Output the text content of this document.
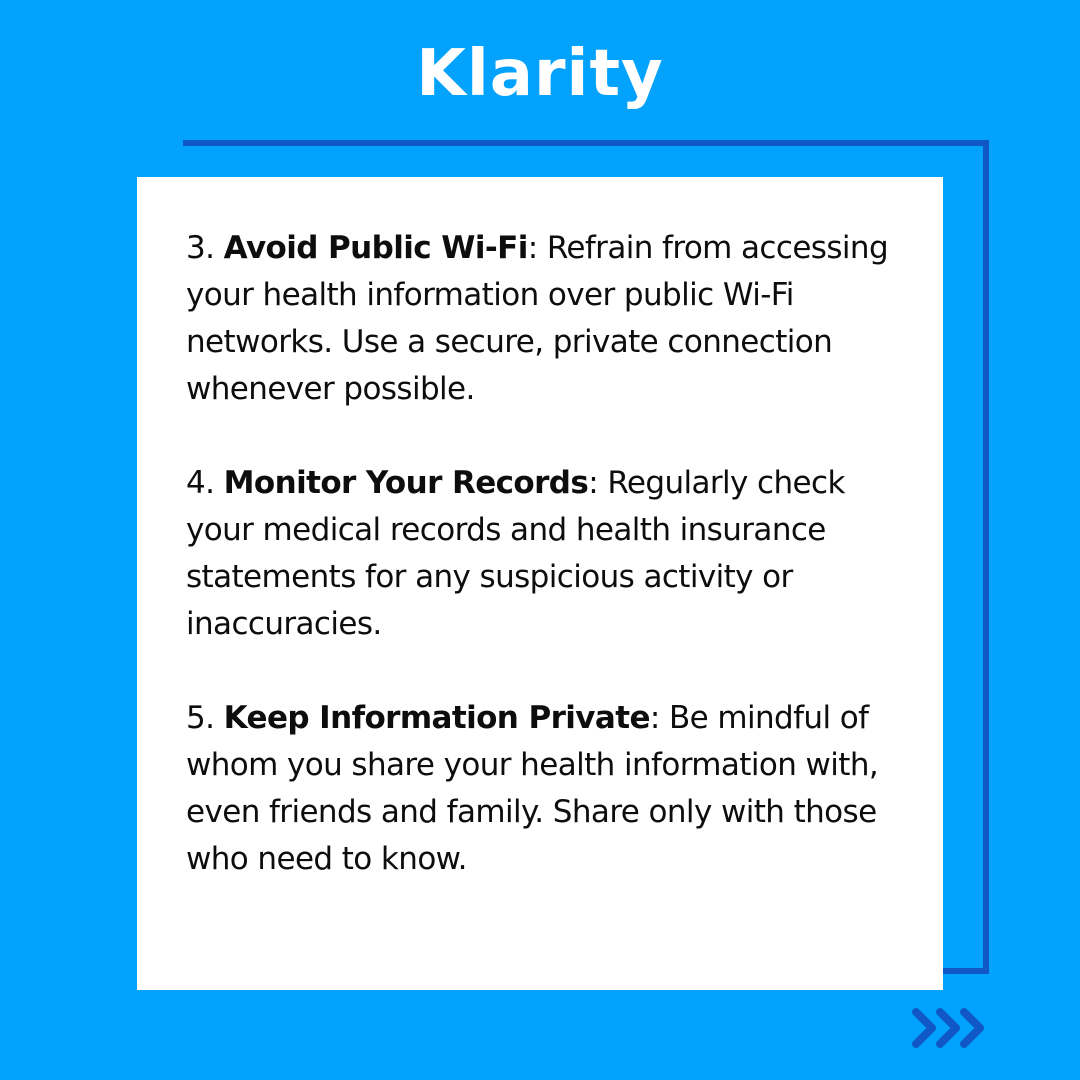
Klarity

3. Avoid Public Wi-Fi: Refrain from accessing your health information over public Wi-Fi networks. Use a secure, private connection whenever possible.

4. Monitor Your Records: Regularly check your medical records and health insurance statements for any suspicious activity or inaccuracies.

5. Keep Information Private: Be mindful of whom you share your health information with, even friends and family. Share only with those who need to know.
